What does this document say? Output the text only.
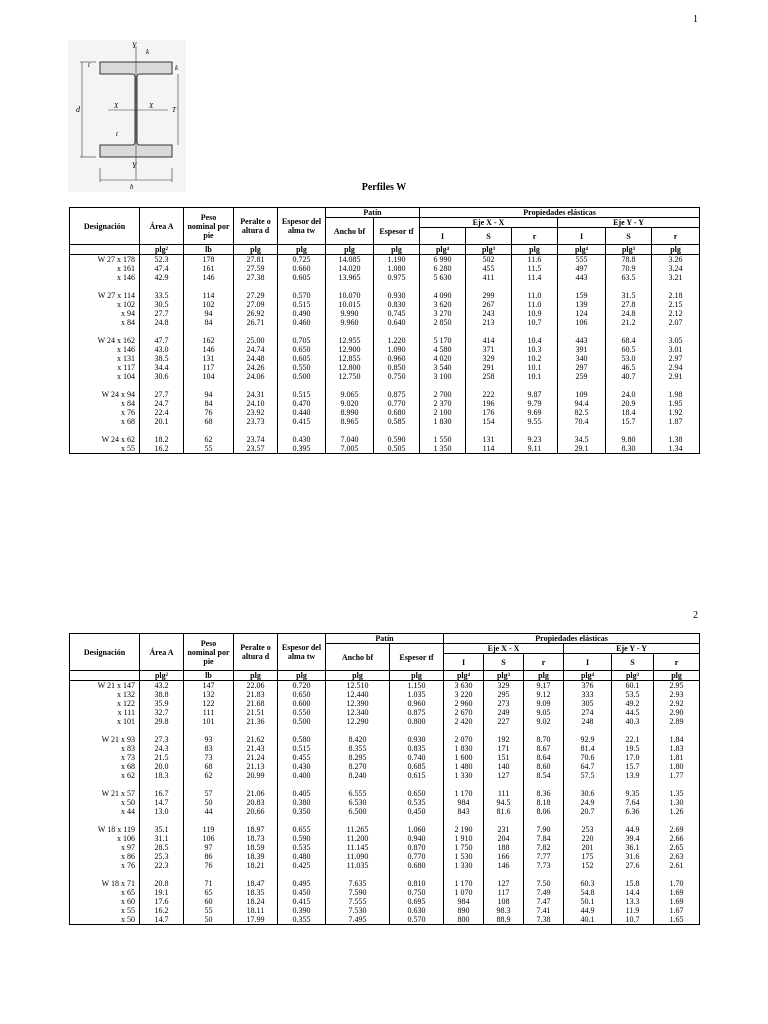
1
Y
k
t	k
d	X	X	T
t
Y
b	Perfiles W
2
Designación	Área A	Peso nominal por pie	Peralte o altura d	Espesor del alma tw	Patín		Propiedades elásticas					
					Ancho bf	Espesor tf	Eje X - X			Eje Y - Y		
							I	S	r	I	S	r
	plg²	lb	plg	plg	plg	plg	plg⁴	plg³	plg	plg⁴	plg³	plg
W 27 x 178	52.3	178	27.81	0.725	14.085	1.190	6 990	502	11.6	555	78.8	3.26
x 161	47.4	161	27.59	0.660	14.020	1.080	6 280	455	11.5	497	70.9	3.24
x 146	42.9	146	27.38	0.605	13.965	0.975	5 630	411	11.4	443	63.5	3.21

W 27 x 114	33.5	114	27.29	0.570	10.070	0.930	4 090	299	11.0	159	31.5	2.18
x 102	30.5	102	27.09	0.515	10.015	0.830	3 620	267	11.0	139	27.8	2.15
x 94	27.7	94	26.92	0.490	9.990	0.745	3 270	243	10.9	124	24.8	2.12
x 84	24.8	84	26.71	0.460	9.960	0.640	2 850	213	10.7	106	21.2	2.07

W 24 x 162	47.7	162	25.00	0.705	12.955	1.220	5 170	414	10.4	443	68.4	3.05
x 146	43.0	146	24.74	0.650	12.900	1.090	4 580	371	10.3	391	60.5	3.01
x 131	38.5	131	24.48	0.605	12.855	0.960	4 020	329	10.2	340	53.0	2.97
x 117	34.4	117	24.26	0.550	12.800	0.850	3 540	291	10.1	297	46.5	2.94
x 104	30.6	104	24.06	0.500	12.750	0.750	3 100	258	10.1	259	40.7	2.91

W 24 x 94	27.7	94	24.31	0.515	9.065	0.875	2 700	222	9.87	109	24.0	1.98
x 84	24.7	84	24.10	0.470	9.020	0.770	2 370	196	9.79	94.4	20.9	1.95
x 76	22.4	76	23.92	0.440	8.990	0.680	2 100	176	9.69	82.5	18.4	1.92
x 68	20.1	68	23.73	0.415	8.965	0.585	1 830	154	9.55	70.4	15.7	1.87

W 24 x 62	18.2	62	23.74	0.430	7.040	0.590	1 550	131	9.23	34.5	9.80	1.38
x 55	16.2	55	23.57	0.395	7.005	0.505	1 350	114	9.11	29.1	8.30	1.34
Designación	Área A	Peso nominal por pie	Peralte o altura d	Espesor del alma tw	Patín		Propiedades elásticas					
					Ancho bf	Espesor tf	Eje X - X			Eje Y - Y		
							I	S	r	I	S	r
	plg²	lb	plg	plg	plg	plg	plg⁴	plg³	plg	plg⁴	plg³	plg
W 21 x 147	43.2	147	22.06	0.720	12.510	1.150	3 630	329	9.17	376	60.1	2.95
x 132	38.8	132	21.83	0.650	12.440	1.035	3 220	295	9.12	333	53.5	2.93
x 122	35.9	122	21.68	0.600	12.390	0.960	2 960	273	9.09	305	49.2	2.92
x 111	32.7	111	21.51	0.550	12.340	0.875	2 670	249	9.05	274	44.5	2.90
x 101	29.8	101	21.36	0.500	12.290	0.800	2 420	227	9.02	248	40.3	2.89

W 21 x 93	27.3	93	21.62	0.580	8.420	0.930	2 070	192	8.70	92.9	22.1	1.84
x 83	24.3	83	21.43	0.515	8.355	0.835	1 830	171	8.67	81.4	19.5	1.83
x 73	21.5	73	21.24	0.455	8.295	0.740	1 600	151	8.64	70.6	17.0	1.81
x 68	20.0	68	21.13	0.430	8.270	0.685	1 480	140	8.60	64.7	15.7	1.80
x 62	18.3	62	20.99	0.400	8.240	0.615	1 330	127	8.54	57.5	13.9	1.77

W 21 x 57	16.7	57	21.06	0.405	6.555	0.650	1 170	111	8.36	30.6	9.35	1.35
x 50	14.7	50	20.83	0.380	6.530	0.535	984	94.5	8.18	24.9	7.64	1.30
x 44	13.0	44	20.66	0.350	6.500	0.450	843	81.6	8.06	20.7	6.36	1.26

W 18 x 119	35.1	119	18.97	0.655	11.265	1.060	2 190	231	7.90	253	44.9	2.69
x 106	31.1	106	18.73	0.590	11.200	0.940	1 910	204	7.84	220	39.4	2.66
x 97	28.5	97	18.59	0.535	11.145	0.870	1 750	188	7.82	201	36.1	2.65
x 86	25.3	86	18.39	0.480	11.090	0.770	1 530	166	7.77	175	31.6	2.63
x 76	22.3	76	18.21	0.425	11.035	0.680	1 330	146	7.73	152	27.6	2.61

W 18 x 71	20.8	71	18.47	0.495	7.635	0.810	1 170	127	7.50	60.3	15.8	1.70
x 65	19.1	65	18.35	0.450	7.590	0.750	1 070	117	7.49	54.8	14.4	1.69
x 60	17.6	60	18.24	0.415	7.555	0.695	984	108	7.47	50.1	13.3	1.69
x 55	16.2	55	18.11	0.390	7.530	0.630	890	98.3	7.41	44.9	11.9	1.67
x 50	14.7	50	17.99	0.355	7.495	0.570	800	88.9	7.38	40.1	10.7	1.65
